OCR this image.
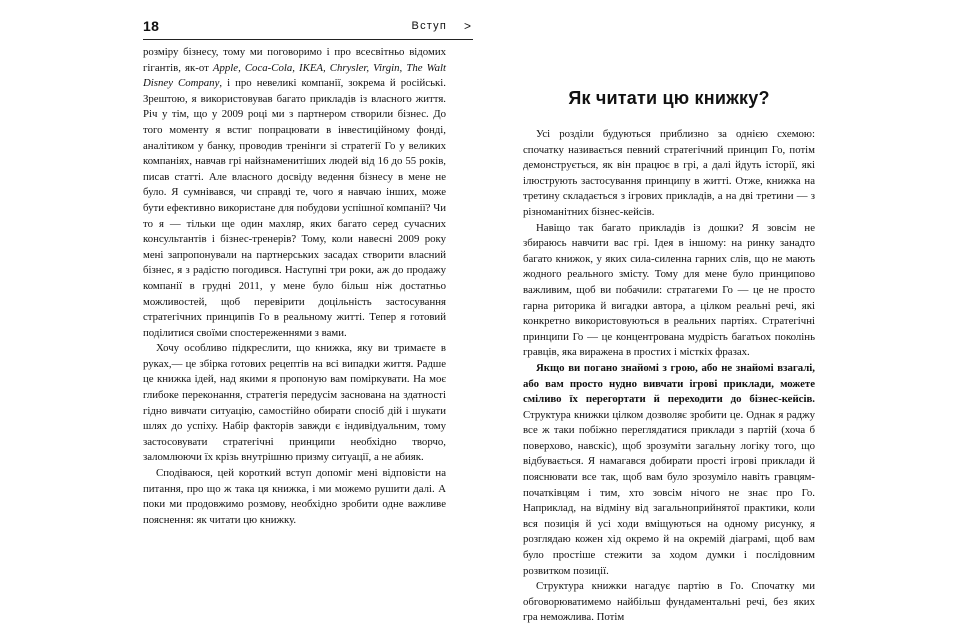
18	Вступ >

розміру бізнесу, тому ми поговоримо і про всесвітньо відомих гігантів, як-от Apple, Coca-Cola, IKEA, Chrysler, Virgin, The Walt Disney Company, і про невеликі компанії, зокрема й російські. Зрештою, я використовував багато прикладів із власного життя. Річ у тім, що у 2009 році ми з партнером створили бізнес. До того моменту я встиг попрацювати в інвестиційному фонді, аналітиком у банку, проводив тренінги зі стратегії Го у великих компаніях, навчав грі найзнаменитіших людей від 16 до 55 років, писав статті. Але власного досвіду ведення бізнесу в мене не було. Я сумнівався, чи справді те, чого я навчаю інших, може бути ефективно використане для побудови успішної компанії? Чи то я — тільки ще один махляр, яких багато серед сучасних консультантів і бізнес-тренерів? Тому, коли навесні 2009 року мені запропонували на партнерських засадах створити власний бізнес, я з радістю погодився. Наступні три роки, аж до продажу компанії в грудні 2011, у мене було більш ніж достатньо можливостей, щоб перевірити доцільність застосування стратегічних принципів Го в реальному житті. Тепер я готовий поділитися своїми спостереженнями з вами.

Хочу особливо підкреслити, що книжка, яку ви тримаєте в руках,— це збірка готових рецептів на всі випадки життя. Радше це книжка ідей, над якими я пропоную вам поміркувати. На моє глибоке переконання, стратегія передусім заснована на здатності гідно вивчати ситуацію, самостійно обирати спосіб дій і шукати шлях до успіху. Набір факторів завжди є індивідуальним, тому застосовувати стратегічні принципи необхідно творчо, заломлюючи їх крізь внутрішню призму ситуації, а не абияк.

Сподіваюся, цей короткий вступ допоміг мені відповісти на питання, про що ж така ця книжка, і ми можемо рушити далі. А поки ми продовжимо розмову, необхідно зробити одне важливе пояснення: як читати цю книжку.

Як читати цю книжку?

Усі розділи будуються приблизно за однією схемою: спочатку називається певний стратегічний принцип Го, потім демонструється, як він працює в грі, а далі йдуть історії, які ілюструють застосування принципу в житті. Отже, книжка на третину складається з ігрових прикладів, а на дві третини — з різноманітних бізнес-кейсів.

Навіщо так багато прикладів із дошки? Я зовсім не збираюсь навчити вас грі. Ідея в іншому: на ринку занадто багато книжок, у яких сила-силенна гарних слів, що не мають жодного реального змісту. Тому для мене було принципово важливим, щоб ви побачили: стратагеми Го — це не просто гарна риторика й вигадки автора, а цілком реальні речі, які конкретно використовуються в реальних партіях. Стратегічні принципи Го — це концентрована мудрість багатьох поколінь гравців, яка виражена в простих і місткіх фразах.

Якщо ви погано знайомі з грою, або не знайомі взагалі, або вам просто нудно вивчати ігрові приклади, можете сміливо їх перегортати й переходити до бізнес-кейсів. Структура книжки цілком дозволяє зробити це. Однак я раджу все ж таки побіжно переглядатися приклади з партій (хоча б поверхово, навскіс), щоб зрозуміти загальну логіку того, що відбувається. Я намагався добирати прості ігрові приклади й пояснювати все так, щоб вам було зрозуміло навіть гравцям-початківцям і тим, хто зовсім нічого не знає про Го. Наприклад, на відміну від загальноприйнятої практики, коли вся позиція й усі ходи вміщуються на одному рисунку, я розглядаю кожен хід окремо й на окремій діаграмі, щоб вам було простіше стежити за ходом думки і послідовним розвитком позиції.

Структура книжки нагадує партію в Го. Спочатку ми обговорюватимемо найбільш фундаментальні речі, без яких гра неможлива. Потім
